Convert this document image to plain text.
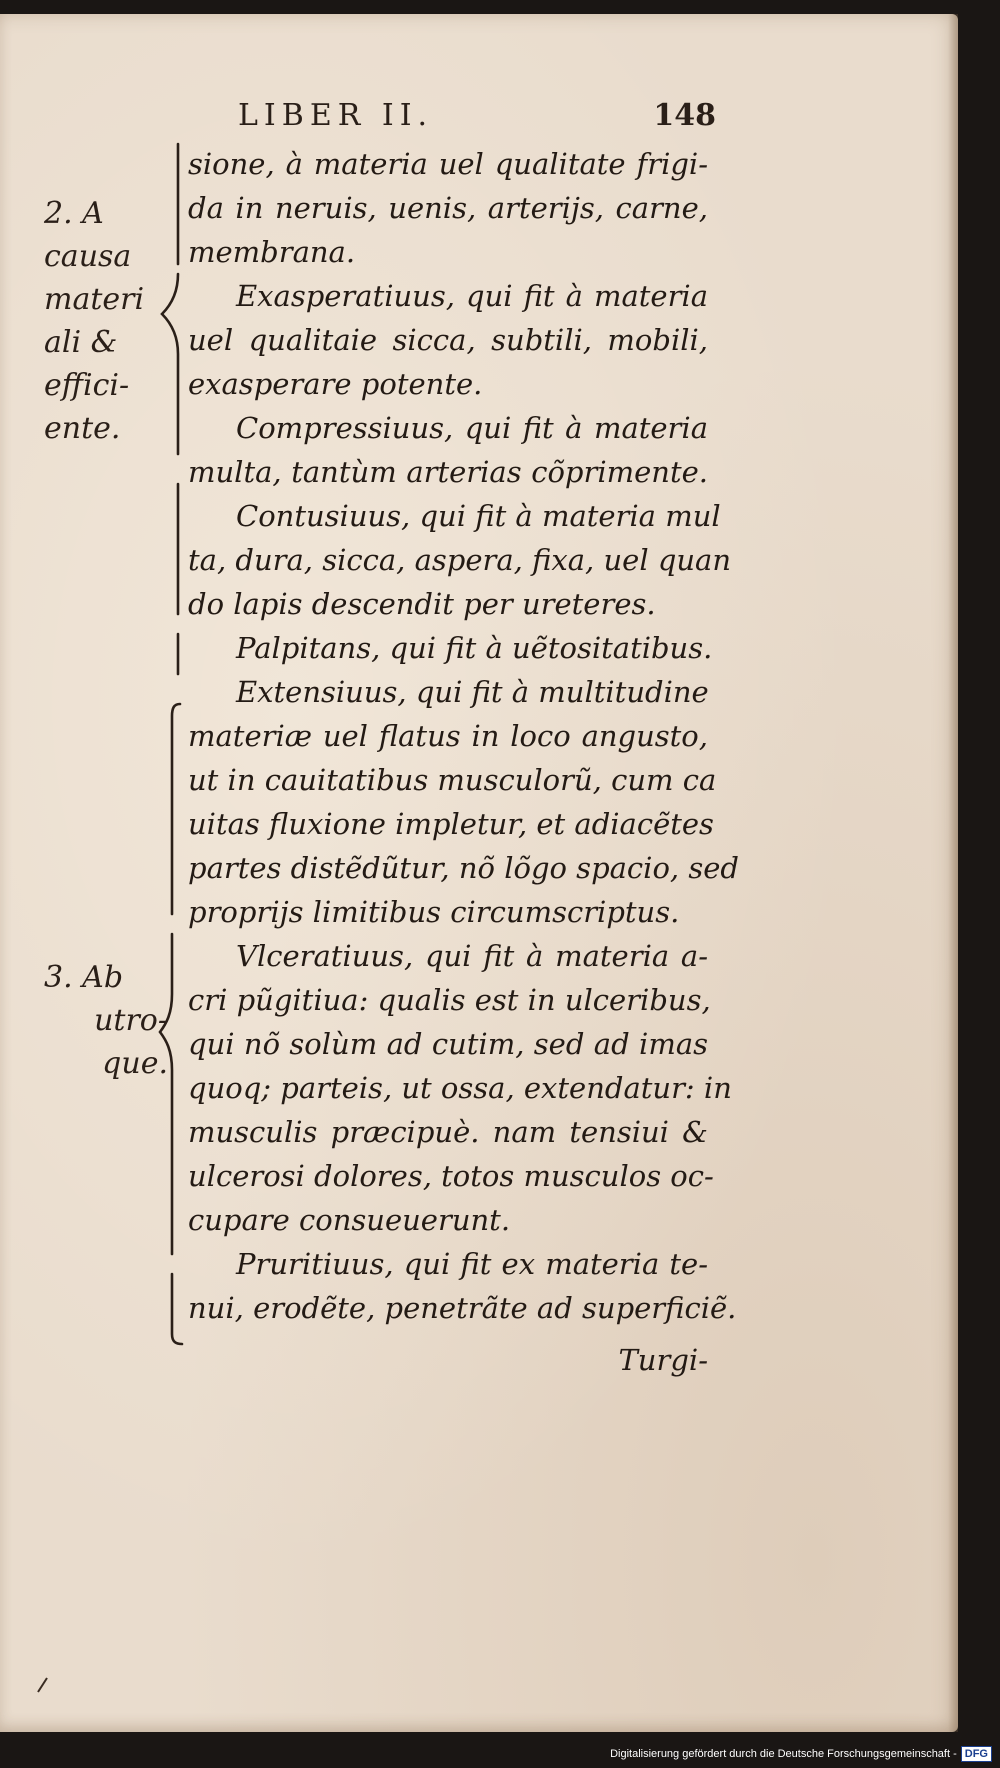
LIBER II.	148
2. A
causa
materi
ali &
effici-
ente.
3. Ab
utro-
que.
sione, à materia uel qualitate frigi-
da in neruis, uenis, arterijs, carne,
membrana.
Exasperatiuus, qui fit à materia
uel qualitaie sicca, subtili, mobili,
exasperare potente.
Compressiuus, qui fit à materia
multa, tantùm arterias cõprimente.
Contusiuus, qui fit à materia mul
ta, dura, sicca, aspera, fixa, uel quan
do lapis descendit per ureteres.
Palpitans, qui fit à uẽtositatibus.
Extensiuus, qui fit à multitudine
materiæ uel flatus in loco angusto,
ut in cauitatibus musculorũ, cum ca
uitas fluxione impletur, et adiacẽtes
partes distẽdũtur, nõ lõgo spacio, sed
proprijs limitibus circumscriptus.
Vlceratiuus, qui fit à materia a-
cri pũgitiua: qualis est in ulceribus,
qui nõ solùm ad cutim, sed ad imas
quoq; parteis, ut ossa, extendatur: in
musculis præcipuè. nam tensiui &
ulcerosi dolores, totos musculos oc-
cupare consueuerunt.
Pruritiuus, qui fit ex materia te-
nui, erodẽte, penetrãte ad superficiẽ.
Turgi-
Digitalisierung gefördert durch die Deutsche Forschungsgemeinschaft - DFG
